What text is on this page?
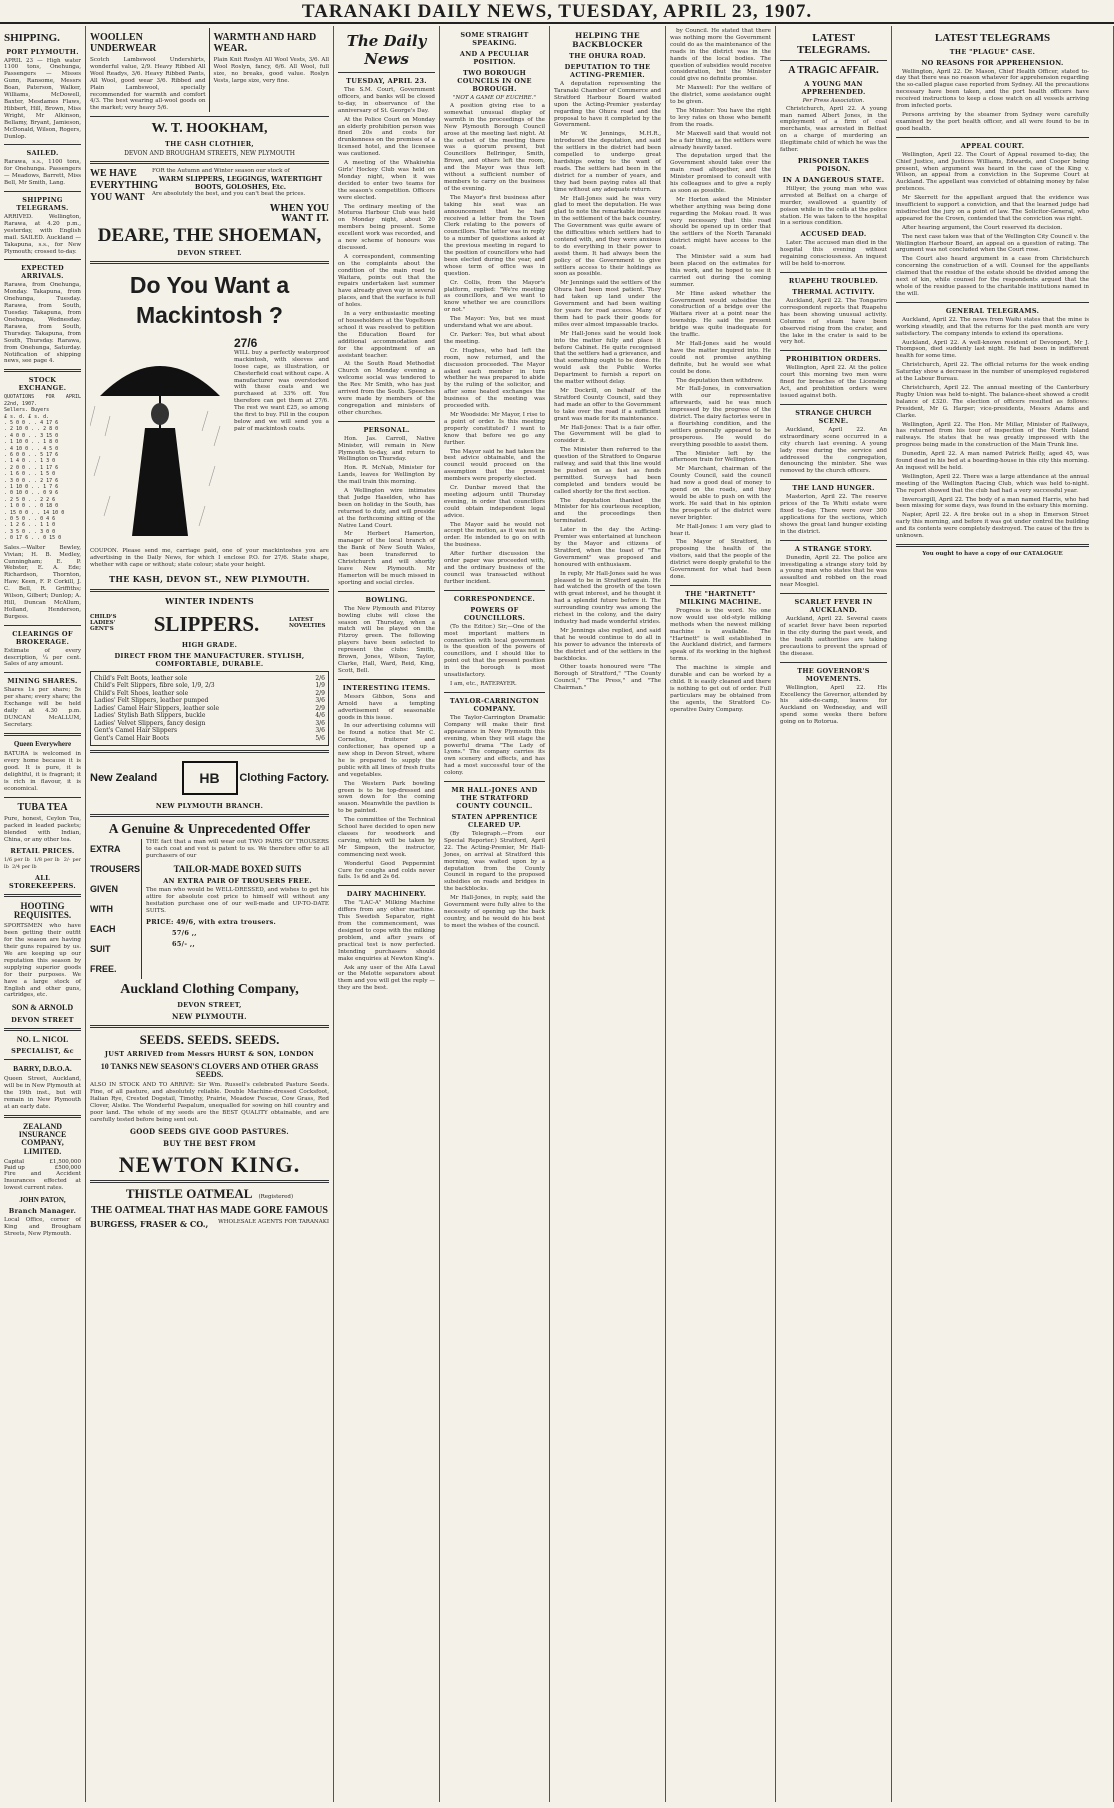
TARANAKI DAILY NEWS, TUESDAY, APRIL 23, 1907.
SHIPPING.
PORT PLYMOUTH.
APRIL 23 — High water 1100 tons, Onehunga, Passengers — Misses Gunn, Ransome, Messrs Boan, Paterson, Walker, Williams, McDowell, Baxter, Mesdames Flaws, Hibbert, Hill, Brown, Miss Wright, Mr Alkinson, Bellamy, Bryant, Jamieson, McDonald, Wilson, Rogers, Dunlop.
SAILED.
Rarawa, s.s., 1100 tons, for Onehunga. Passengers — Meadows, Barrett, Miss Bell, Mr Smith, Lang.
SHIPPING TELEGRAMS.
ARRIVED. Wellington, Rarawa, at 4.20 p.m., yesterday, with English mail. SAILED. Auckland — Takapuna, s.s., for New Plymouth; crossed to-day.
EXPECTED ARRIVALS.
Rarawa, from Onehunga, Monday. Takapuna, from Onehunga, Tuesday. Rarawa, from South, Tuesday. Takapuna, from Onehunga, Wednesday. Rarawa, from South, Thursday. Takapuna, from South, Thursday. Rarawa, from Onehunga, Saturday. Notification of shipping news, see page 4.
STOCK EXCHANGE.
QUOTATIONS FOR APRIL 22nd, 1907.
Sellers. Buyers
£ s. d. £ s. d.
. 5 0 0 . . 4 17 6
. 2 10 0 . . 2 8 0
. 4 0 0 . . 3 15 0
. 1 10 0 . . 1 8 0
. 4 10 0 . . 4 5 0
. 6 0 0 . . 5 17 6
. 1 4 0 . . 1 3 0
. 2 0 0 . . 1 17 6
. 1 6 0 . . 1 5 0
. 3 0 0 . . 2 17 6
. 1 10 0 . . 1 7 6
. 0 10 0 . . 0 9 6
. 2 5 0 . . 2 2 6
. 1 0 0 . . 0 18 0
. 15 0 0 . . 14 10 0
. 0 5 0 . . 0 4 6
. 1 2 6 . . 1 1 0
. 3 5 0 . . 3 0 0
. 0 17 6 . . 0 15 0
Sales.—Walter Bewley, Vivian; H. B. Medley, Cunningham; E. P. Webster, E. A. Ede; Richardson, Thornton, Haw; Keen, F. P. Corkill, J. C. Bell, R. Griffiths; Wilson, Gilbert; Dunlop; A. Hill, Duncan McAllum, Holland, Henderson, Burgess.
CLEARINGS OF BROKERAGE.
Estimate of every description, ¼ per cent. Sales of any amount.
MINING SHARES.
Shares 1s per share; 5s per share; every share; the Exchange will be held daily at 4.30 p.m. DUNCAN McALLUM, Secretary.
Queen Everywhere
BATURA is welcomed in every home because it is good. It is pure, it is delightful, it is fragrant; it is rich in flavour, it is economical.
TUBA TEA
Pure, honest, Ceylon Tea, packed in leaded packets; blended with Indian, China, or any other tea.
RETAIL PRICES.
1/6 per lb  1/8 per lb  2/- per lb  2/4 per lb
ALL STOREKEEPERS.
HOOTING REQUISITES.
SPORTSMEN who have been getting their outfit for the season are having their guns repaired by us. We are keeping up our reputation this season by supplying superior goods for their purposes. We have a large stock of English and other guns, cartridges, etc.
SON & ARNOLD
DEVON STREET
NO. L. NICOL
SPECIALIST, &c
BARRY, D.B.O.A.
Queen Street, Auckland, will be in New Plymouth at the 19th inst., but will remain in New Plymouth at an early date.
ZEALAND INSURANCE COMPANY, LIMITED.
Capital	£1,500,000
Paid up	£500,000
Fire and Accident Insurances effected at lowest current rates.
JOHN PATON,
Branch Manager.
Local Office, corner of King and Brougham Streets, New Plymouth.
WOOLLEN UNDERWEAR
Scotch Lambswool Undershirts, wonderful value, 2/9. Heavy Ribbed All Wool Readys, 3/6. Heavy Ribbed Pants, All Wool, good wear 3/6. Ribbed and Plain Lambswool, specially recommended for warmth and comfort 4/3. The best wearing all-wool goods on the market; very heavy 5/6.
WARMTH AND HARD WEAR.
Plain Knit Roslyn All Wool Vests, 3/6. All Wool Roslyn, fancy, 6/6. All Wool, full size, no breaks, good value. Roslyn Vests, large size, very fine.
W. T. HOOKHAM,
THE CASH CLOTHIER,
DEVON AND BROUGHAM STREETS, NEW PLYMOUTH
WE HAVE EVERYTHING YOU WANT
FOR the Autumn and Winter season our stock of
WARM SLIPPERS, LEGGINGS, WATERTIGHT BOOTS, GOLOSHES, Etc.
Are absolutely the best, and you can't beat the prices.
WHEN YOU WANT IT.
DEARE, THE SHOEMAN,
DEVON STREET.
Do You Want a Mackintosh ?
27/6
WILL buy a perfectly waterproof mackintosh, with sleeves and loose cape, as illustration, or Chesterfield coat without cape. A manufacturer was overstocked with these coats and we purchased at 33% off. You therefore can get them at 27/6. The rest we want £25, so among the first to buy. Fill in the coupon below and we will send you a pair of mackintosh coats.
COUPON. Please send me, carriage paid, one of your mackintoshes you are advertising in the Daily News, for which I enclose P.O. for 27/6. State shape, whether with cape or without; state colour; state your height.
THE KASH, DEVON ST., NEW PLYMOUTH.
WINTER INDENTS
CHILD'S LADIES' GENT'S	SLIPPERS.	LATEST NOVELTIES
HIGH GRADE.
DIRECT FROM THE MANUFACTURER. STYLISH, COMFORTABLE, DURABLE.
Child's Felt Boots, leather sole	2/6
Child's Felt Slippers, fibre sole, 1/9, 2/3	1/9
Child's Felt Shoes, leather sole	2/9
Ladies' Felt Slippers, leather pumped	3/6
Ladies' Camel Hair Slippers, leather sole	2/9
Ladies' Stylish Bath Slippers, buckle	4/6
Ladies' Velvet Slippers, fancy design	3/6
Gent's Camel Hair Slippers	3/6
Gent's Camel Hair Boots	5/6
New Zealand	HB	Clothing Factory.
NEW PLYMOUTH BRANCH.
A Genuine & Unprecedented Offer
EXTRA
TROUSERS
GIVEN
WITH
EACH
SUIT
FREE.
THE fact that a man will wear out TWO PAIRS OF TROUSERS to each coat and vest is patent to us. We therefore offer to all purchasers of our
TAILOR-MADE BOXED SUITS
AN EXTRA PAIR OF TROUSERS FREE.
The man who would be WELL-DRESSED, and wishes to get his attire for absolute cost price to himself will without any hesitation purchase one of our well-made and UP-TO-DATE SUITS.
PRICE: 49/6, with extra trousers.
57/6 ,,
65/- ,,
Auckland Clothing Company,
DEVON STREET,
NEW PLYMOUTH.
SEEDS. SEEDS. SEEDS.
JUST ARRIVED from Messrs HURST & SON, LONDON
10 TANKS NEW SEASON'S CLOVERS AND OTHER GRASS SEEDS.
ALSO IN STOCK AND TO ARRIVE: Sir Wm. Russell's celebrated Pasture Seeds. Fine, of all pasture, and absolutely reliable. Double Machine-dressed Cocksfoot, Italian Rye, Crested Dogstail, Timothy, Prairie, Meadow Fescue, Cow Grass, Red Clover, Alsike. The Wonderful Paspalum, unequalled for sowing on hill country and poor land. The whole of my seeds are the BEST QUALITY obtainable, and are carefully tested before being sent out.
GOOD SEEDS GIVE GOOD PASTURES.
BUY THE BEST FROM
NEWTON KING.
THISTLE OATMEAL (Registered)
THE OATMEAL THAT HAS MADE GORE FAMOUS
BURGESS, FRASER & CO., WHOLESALE AGENTS FOR TARANAKI
The Daily News
TUESDAY, APRIL 23.

The S.M. Court, Government officers, and banks will be closed to-day, in observance of the anniversary of St. George's Day.

At the Police Court on Monday an elderly prohibition person was fined 20s and costs for drunkenness on the premises of a licensed hotel, and the licensee was cautioned.

A meeting of the Whakiwhia Girls' Hockey Club was held on Monday night, when it was decided to enter two teams for the season's competition. Officers were elected.

The ordinary meeting of the Moturoa Harbour Club was held on Monday night, about 20 members being present. Some excellent work was recorded, and a new scheme of honours was discussed.

A correspondent, commenting on the complaints about the condition of the main road to Waitara, points out that the repairs undertaken last summer have already given way in several places, and that the surface is full of holes.

In a very enthusiastic meeting of householders at the Vogeltown school it was resolved to petition the Education Board for additional accommodation and for the appointment of an assistant teacher.

At the South Road Methodist Church on Monday evening a welcome social was tendered to the Rev. Mr Smith, who has just arrived from the South. Speeches were made by members of the congregation and ministers of other churches.

PERSONAL.

Hon. Jas. Carroll, Native Minister, will remain in New Plymouth to-day, and return to Wellington on Thursday.

Hon. R. McNab, Minister for Lands, leaves for Wellington by the mail train this morning.

A Wellington wire intimates that Judge Haselden, who has been on holiday in the South, has returned to duty, and will preside at the forthcoming sitting of the Native Land Court.

Mr Herbert Hamerton, manager of the local branch of the Bank of New South Wales, has been transferred to Christchurch and will shortly leave New Plymouth. Mr Hamerton will be much missed in sporting and social circles.

BOWLING.

The New Plymouth and Fitzroy bowling clubs will close the season on Thursday, when a match will be played on the Fitzroy green. The following players have been selected to represent the clubs: Smith, Brown, Jones, Wilson, Taylor, Clarke, Hall, Ward, Reid, King, Scott, Bell.

INTERESTING ITEMS.

Messrs Gibbon, Sons and Arnold have a tempting advertisement of seasonable goods in this issue.

In our advertising columns will be found a notice that Mr C. Cornelius, fruiterer and confectioner, has opened up a new shop in Devon Street, where he is prepared to supply the public with all lines of fresh fruits and vegetables.

The Western Park bowling green is to be top-dressed and sown down for the coming season. Meanwhile the pavilion is to be painted.

The committee of the Technical School have decided to open new classes for woodwork and carving, which will be taken by Mr Simpson, the instructor, commencing next week.

Wonderful Good Peppermint Cure for coughs and colds never fails. 1s 6d and 2s 6d.

DAIRY MACHINERY.

The "LAC-A" Milking Machine differs from any other machine. This Swedish Separator, right from the commencement, was designed to cope with the milking problem, and after years of practical test is now perfected. Intending purchasers should make enquiries at Newton King's.

Ask any user of the Alfa Laval or the Melotte separators about them and you will get the reply — they are the best.

SOME STRAIGHT SPEAKING.
AND A PECULIAR POSITION.
TWO BOROUGH COUNCILS IN ONE BOROUGH.
"NOT A GAME OF EUCHRE."

A position giving rise to a somewhat unusual display of warmth in the proceedings of the New Plymouth Borough Council arose at the meeting last night. At the outset of the meeting there was a quorum present, but Councillors Bellringer, Smith, Brown, and others left the room, and the Mayor was thus left without a sufficient number of members to carry on the business of the evening.

The Mayor's first business after taking his seat was an announcement that he had received a letter from the Town Clerk relating to the powers of councillors. The letter was in reply to a number of questions asked at the previous meeting in regard to the position of councillors who had been elected during the year, and whose term of office was in question.

Cr. Collis, from the Mayor's platform, replied: "We're meeting as councillors, and we want to know whether we are councillors or not."

The Mayor: Yes, but we must understand what we are about.

Cr. Parker: Yes, but what about the meeting.

Cr. Hughes, who had left the room, now returned, and the discussion proceeded. The Mayor asked each member in turn whether he was prepared to abide by the ruling of the solicitor, and after some heated exchanges the business of the meeting was proceeded with.

Mr Woodside: Mr Mayor, I rise to a point of order. Is this meeting properly constituted? I want to know that before we go any further.

The Mayor said he had taken the best advice obtainable, and the council would proceed on the assumption that the present members were properly elected.

Cr. Dunbar moved that the meeting adjourn until Thursday evening, in order that councillors could obtain independent legal advice.

The Mayor said he would not accept the motion, as it was not in order. He intended to go on with the business.

After further discussion the order paper was proceeded with, and the ordinary business of the council was transacted without further incident.

CORRESPONDENCE.
POWERS OF COUNCILLORS.

(To the Editor.) Sir,—One of the most important matters in connection with local government is the question of the powers of councillors, and I should like to point out that the present position in the borough is most unsatisfactory.

I am, etc., RATEPAYER.

TAYLOR-CARRINGTON COMPANY.

The Taylor-Carrington Dramatic Company will make their first appearance in New Plymouth this evening, when they will stage the powerful drama "The Lady of Lyons." The company carries its own scenery and effects, and has had a most successful tour of the colony.

MR HALL-JONES AND THE STRATFORD COUNTY COUNCIL.
STATEN APPRENTICE CLEARED UP.

(By Telegraph.—From our Special Reporter.) Stratford, April 22. The Acting-Premier, Mr Hall-Jones, on arrival at Stratford this morning, was waited upon by a deputation from the County Council in regard to the proposed subsidies on roads and bridges in the backblocks.

Mr Hall-Jones, in reply, said the Government were fully alive to the necessity of opening up the back country, and he would do his best to meet the wishes of the council.

HELPING THE BACKBLOCKER
THE OHURA ROAD.
DEPUTATION TO THE ACTING-PREMIER.

A deputation representing the Taranaki Chamber of Commerce and Stratford Harbour Board waited upon the Acting-Premier yesterday regarding the Ohura road and the proposal to have it completed by the Government.

Mr W. Jennings, M.H.R., introduced the deputation, and said the settlers in the district had been compelled to undergo great hardships owing to the want of roads. The settlers had been in the district for a number of years, and they had been paying rates all that time without any adequate return.

Mr Hall-Jones said he was very glad to meet the deputation. He was glad to note the remarkable increase in the settlement of the back country. The Government was quite aware of the difficulties which settlers had to contend with, and they were anxious to do everything in their power to assist them. It had always been the policy of the Government to give settlers access to their holdings as soon as possible.

Mr Jennings said the settlers of the Ohura had been most patient. They had taken up land under the Government and had been waiting for years for road access. Many of them had to pack their goods for miles over almost impassable tracks.

Mr Hall-Jones said he would look into the matter fully and place it before Cabinet. He quite recognised that the settlers had a grievance, and that something ought to be done. He would ask the Public Works Department to furnish a report on the matter without delay.

Mr Dockrill, on behalf of the Stratford County Council, said they had made an offer to the Government to take over the road if a sufficient grant was made for its maintenance.

Mr Hall-Jones: That is a fair offer. The Government will be glad to consider it.

The Minister then referred to the question of the Stratford to Ongarue railway, and said that this line would be pushed on as fast as funds permitted. Surveys had been completed and tenders would be called shortly for the first section.

The deputation thanked the Minister for his courteous reception, and the proceedings then terminated.

Later in the day the Acting-Premier was entertained at luncheon by the Mayor and citizens of Stratford, when the toast of "The Government" was proposed and honoured with enthusiasm.

In reply, Mr Hall-Jones said he was pleased to be in Stratford again. He had watched the growth of the town with great interest, and he thought it had a splendid future before it. The surrounding country was among the richest in the colony, and the dairy industry had made wonderful strides.

Mr Jennings also replied, and said that he would continue to do all in his power to advance the interests of the district and of the settlers in the backblocks.

Other toasts honoured were "The Borough of Stratford," "The County Council," "The Press," and "The Chairman."

by Council. He stated that there was nothing more the Government could do as the maintenance of the roads in the district was in the hands of the local bodies. The question of subsidies would receive consideration, but the Minister could give no definite promise.

Mr Maxwell: For the welfare of the district, some assistance ought to be given.

The Minister: You have the right to levy rates on those who benefit from the roads.

Mr Maxwell said that would not be a fair thing, as the settlers were already heavily taxed.

The deputation urged that the Government should take over the main road altogether, and the Minister promised to consult with his colleagues and to give a reply as soon as possible.

Mr Horton asked the Minister whether anything was being done regarding the Mokau road. It was very necessary that this road should be opened up in order that the settlers of the North Taranaki district might have access to the coast.

The Minister said a sum had been placed on the estimates for this work, and he hoped to see it carried out during the coming summer.

Mr Hine asked whether the Government would subsidise the construction of a bridge over the Waitara river at a point near the township. He said the present bridge was quite inadequate for the traffic.

Mr Hall-Jones said he would have the matter inquired into. He could not promise anything definite, but he would see what could be done.

The deputation then withdrew.

Mr Hall-Jones, in conversation with our representative afterwards, said he was much impressed by the progress of the district. The dairy factories were in a flourishing condition, and the settlers generally appeared to be prosperous. He would do everything possible to assist them.

The Minister left by the afternoon train for Wellington.

Mr Marchant, chairman of the County Council, said the council had now a good deal of money to spend on the roads, and they would be able to push on with the work. He said that in his opinion the prospects of the district were never brighter.

Mr Hall-Jones: I am very glad to hear it.

The Mayor of Stratford, in proposing the health of the visitors, said that the people of the district were deeply grateful to the Government for what had been done.

THE "HARTNETT" MILKING MACHINE.

Progress is the word. No one now would use old-style milking methods when the newest milking machine is available. The "Hartnett" is well established in the Auckland district, and farmers speak of its working in the highest terms.

The machine is simple and durable and can be worked by a child. It is easily cleaned and there is nothing to get out of order. Full particulars may be obtained from the agents, the Stratford Co-operative Dairy Company.

LATEST TELEGRAMS.
A TRAGIC AFFAIR.
A YOUNG MAN APPREHENDED.
Per Press Association.

Christchurch, April 22. A young man named Albert Jones, in the employment of a firm of coal merchants, was arrested in Belfast on a charge of murdering an illegitimate child of which he was the father.

PRISONER TAKES POISON.
IN A DANGEROUS STATE.

Hillyer, the young man who was arrested at Belfast on a charge of murder, swallowed a quantity of poison while in the cells at the police station. He was taken to the hospital in a serious condition.

ACCUSED DEAD.

Later. The accused man died in the hospital this evening without regaining consciousness. An inquest will be held to-morrow.

RUAPEHU TROUBLED.
THERMAL ACTIVITY.

Auckland, April 22. The Tongariro correspondent reports that Ruapehu has been showing unusual activity. Columns of steam have been observed rising from the crater, and the lake in the crater is said to be very hot.

PROHIBITION ORDERS.

Wellington, April 22. At the police court this morning two men were fined for breaches of the Licensing Act, and prohibition orders were issued against both.

STRANGE CHURCH SCENE.

Auckland, April 22. An extraordinary scene occurred in a city church last evening. A young lady rose during the service and addressed the congregation, denouncing the minister. She was removed by the church officers.

THE LAND HUNGER.

Masterton, April 22. The reserve prices of the Te Whiti estate were fixed to-day. There were over 300 applications for the sections, which shows the great land hunger existing in the district.

A STRANGE STORY.

Dunedin, April 22. The police are investigating a strange story told by a young man who states that he was assaulted and robbed on the road near Mosgiel.

SCARLET FEVER IN AUCKLAND.

Auckland, April 22. Several cases of scarlet fever have been reported in the city during the past week, and the health authorities are taking precautions to prevent the spread of the disease.

THE GOVERNOR'S MOVEMENTS.

Wellington, April 22. His Excellency the Governor, attended by his aide-de-camp, leaves for Auckland on Wednesday, and will spend some weeks there before going on to Rotorua.

LATEST TELEGRAMS
THE "PLAGUE" CASE.
NO REASONS FOR APPREHENSION.

Wellington, April 22. Dr. Mason, Chief Health Officer, stated to-day that there was no reason whatever for apprehension regarding the so-called plague case reported from Sydney. All the precautions necessary have been taken, and the port health officers have received instructions to keep a close watch on all vessels arriving from infected ports.

Persons arriving by the steamer from Sydney were carefully examined by the port health officer, and all were found to be in good health.

APPEAL COURT.

Wellington, April 22. The Court of Appeal resumed to-day, the Chief Justice, and Justices Williams, Edwards, and Cooper being present, when argument was heard in the case of the King v. Wilson, an appeal from a conviction in the Supreme Court at Auckland. The appellant was convicted of obtaining money by false pretences.

Mr Skerrett for the appellant argued that the evidence was insufficient to support a conviction, and that the learned judge had misdirected the jury on a point of law. The Solicitor-General, who appeared for the Crown, contended that the conviction was right.

After hearing argument, the Court reserved its decision.

The next case taken was that of the Wellington City Council v. the Wellington Harbour Board, an appeal on a question of rating. The argument was not concluded when the Court rose.

The Court also heard argument in a case from Christchurch concerning the construction of a will. Counsel for the appellants claimed that the residue of the estate should be divided among the next of kin, while counsel for the respondents argued that the whole of the residue passed to the charitable institutions named in the will.

GENERAL TELEGRAMS.

Auckland, April 22. The news from Waihi states that the mine is working steadily, and that the returns for the past month are very satisfactory. The company intends to extend its operations.

Auckland, April 22. A well-known resident of Devonport, Mr J. Thompson, died suddenly last night. He had been in indifferent health for some time.

Christchurch, April 22. The official returns for the week ending Saturday show a decrease in the number of unemployed registered at the Labour Bureau.

Christchurch, April 22. The annual meeting of the Canterbury Rugby Union was held to-night. The balance-sheet showed a credit balance of £320. The election of officers resulted as follows: President, Mr G. Harper; vice-presidents, Messrs Adams and Clarke.

Wellington, April 22. The Hon. Mr Millar, Minister of Railways, has returned from his tour of inspection of the North Island railways. He states that he was greatly impressed with the progress being made in the construction of the Main Trunk line.

Dunedin, April 22. A man named Patrick Reilly, aged 45, was found dead in his bed at a boarding-house in this city this morning. An inquest will be held.

Wellington, April 22. There was a large attendance at the annual meeting of the Wellington Racing Club, which was held to-night. The report showed that the club had had a very successful year.

Invercargill, April 22. The body of a man named Harris, who had been missing for some days, was found in the estuary this morning.

Napier, April 22. A fire broke out in a shop in Emerson Street early this morning, and before it was got under control the building and its contents were completely destroyed. The cause of the fire is unknown.

You ought to have a copy of our CATALOGUE
